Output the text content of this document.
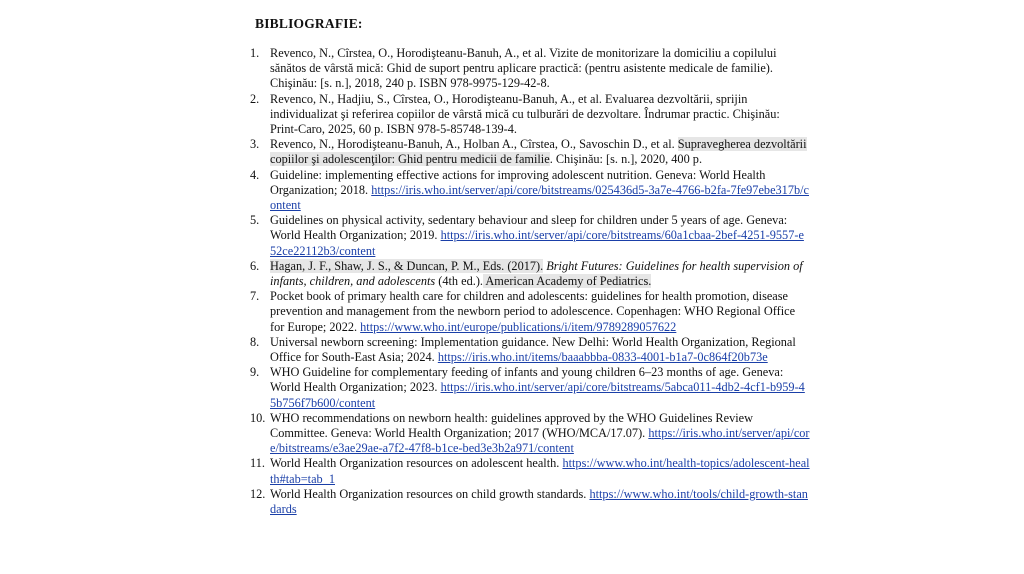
BIBLIOGRAFIE:
1. Revenco, N., Cîrstea, O., Horodişteanu-Banuh, A., et al. Vizite de monitorizare la domiciliu a copilului sănătos de vârstă mică: Ghid de suport pentru aplicare practică: (pentru asistente medicale de familie). Chişinău: [s. n.], 2018, 240 p. ISBN 978-9975-129-42-8.
2. Revenco, N., Hadjiu, S., Cîrstea, O., Horodişteanu-Banuh, A., et al. Evaluarea dezvoltării, sprijin individualizat şi referirea copiilor de vârstă mică cu tulburări de dezvoltare. Îndrumar practic. Chişinău: Print-Caro, 2025, 60 p. ISBN 978-5-85748-139-4.
3. Revenco, N., Horodişteanu-Banuh, A., Holban A., Cîrstea, O., Savoschin D., et al. Supravegherea dezvoltării copiilor şi adolescenţilor: Ghid pentru medicii de familie. Chişinău: [s. n.], 2020, 400 p.
4. Guideline: implementing effective actions for improving adolescent nutrition. Geneva: World Health Organization; 2018. https://iris.who.int/server/api/core/bitstreams/025436d5-3a7e-4766-b2fa-7fe97ebe317b/content
5. Guidelines on physical activity, sedentary behaviour and sleep for children under 5 years of age. Geneva: World Health Organization; 2019. https://iris.who.int/server/api/core/bitstreams/60a1cbaa-2bef-4251-9557-e52ce22112b3/content
6. Hagan, J. F., Shaw, J. S., & Duncan, P. M., Eds. (2017). Bright Futures: Guidelines for health supervision of infants, children, and adolescents (4th ed.). American Academy of Pediatrics.
7. Pocket book of primary health care for children and adolescents: guidelines for health promotion, disease prevention and management from the newborn period to adolescence. Copenhagen: WHO Regional Office for Europe; 2022. https://www.who.int/europe/publications/i/item/9789289057622
8. Universal newborn screening: Implementation guidance. New Delhi: World Health Organization, Regional Office for South-East Asia; 2024. https://iris.who.int/items/baaabbba-0833-4001-b1a7-0c864f20b73e
9. WHO Guideline for complementary feeding of infants and young children 6–23 months of age. Geneva: World Health Organization; 2023. https://iris.who.int/server/api/core/bitstreams/5abca011-4db2-4cf1-b959-45b756f7b600/content
10. WHO recommendations on newborn health: guidelines approved by the WHO Guidelines Review Committee. Geneva: World Health Organization; 2017 (WHO/MCA/17.07). https://iris.who.int/server/api/core/bitstreams/e3ae29ae-a7f2-47f8-b1ce-bed3e3b2a971/content
11. World Health Organization resources on adolescent health. https://www.who.int/health-topics/adolescent-health#tab=tab_1
12. World Health Organization resources on child growth standards. https://www.who.int/tools/child-growth-standards
